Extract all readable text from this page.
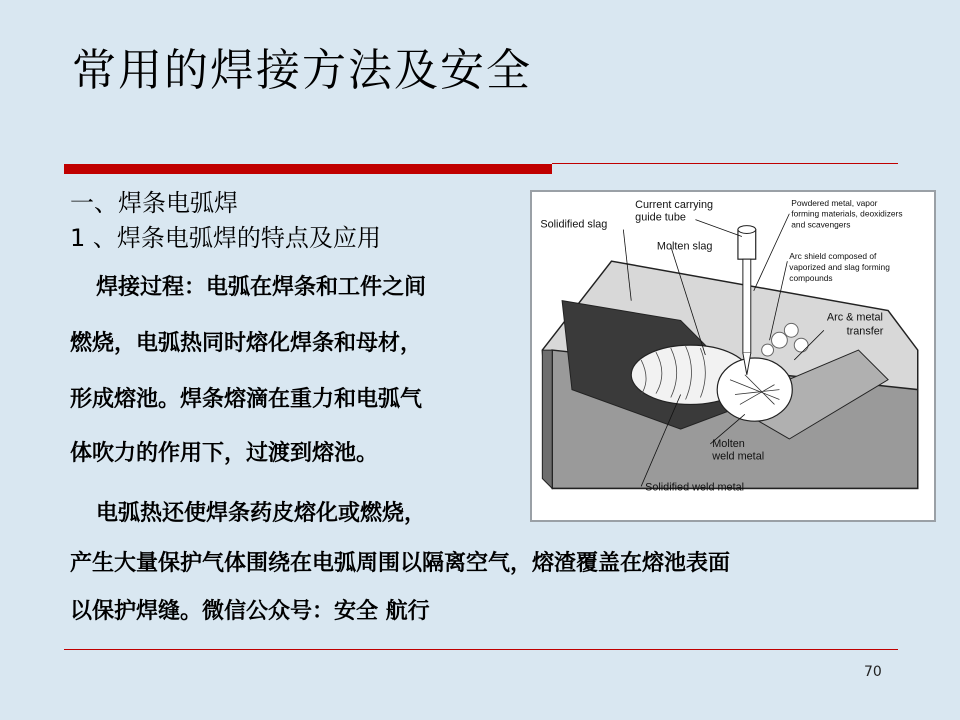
常用的焊接方法及安全
一、焊条电弧焊
1 、焊条电弧焊的特点及应用
焊接过程：电弧在焊条和工件之间
燃烧，电弧热同时熔化焊条和母材，
形成熔池。焊条熔滴在重力和电弧气
体吹力的作用下，过渡到熔池。
电弧热还使焊条药皮熔化或燃烧，
产生大量保护气体围绕在电弧周围以隔离空气，熔渣覆盖在熔池表面
以保护焊缝。微信公众号：安全 航行
Current carrying
guide tube
Solidified slag
Molten slag
Powdered metal, vapor
forming materials, deoxidizers
and scavengers
Arc shield composed of
vaporized and slag forming
compounds
Arc & metal
transfer
Molten
weld metal
Solidified weld metal
70
